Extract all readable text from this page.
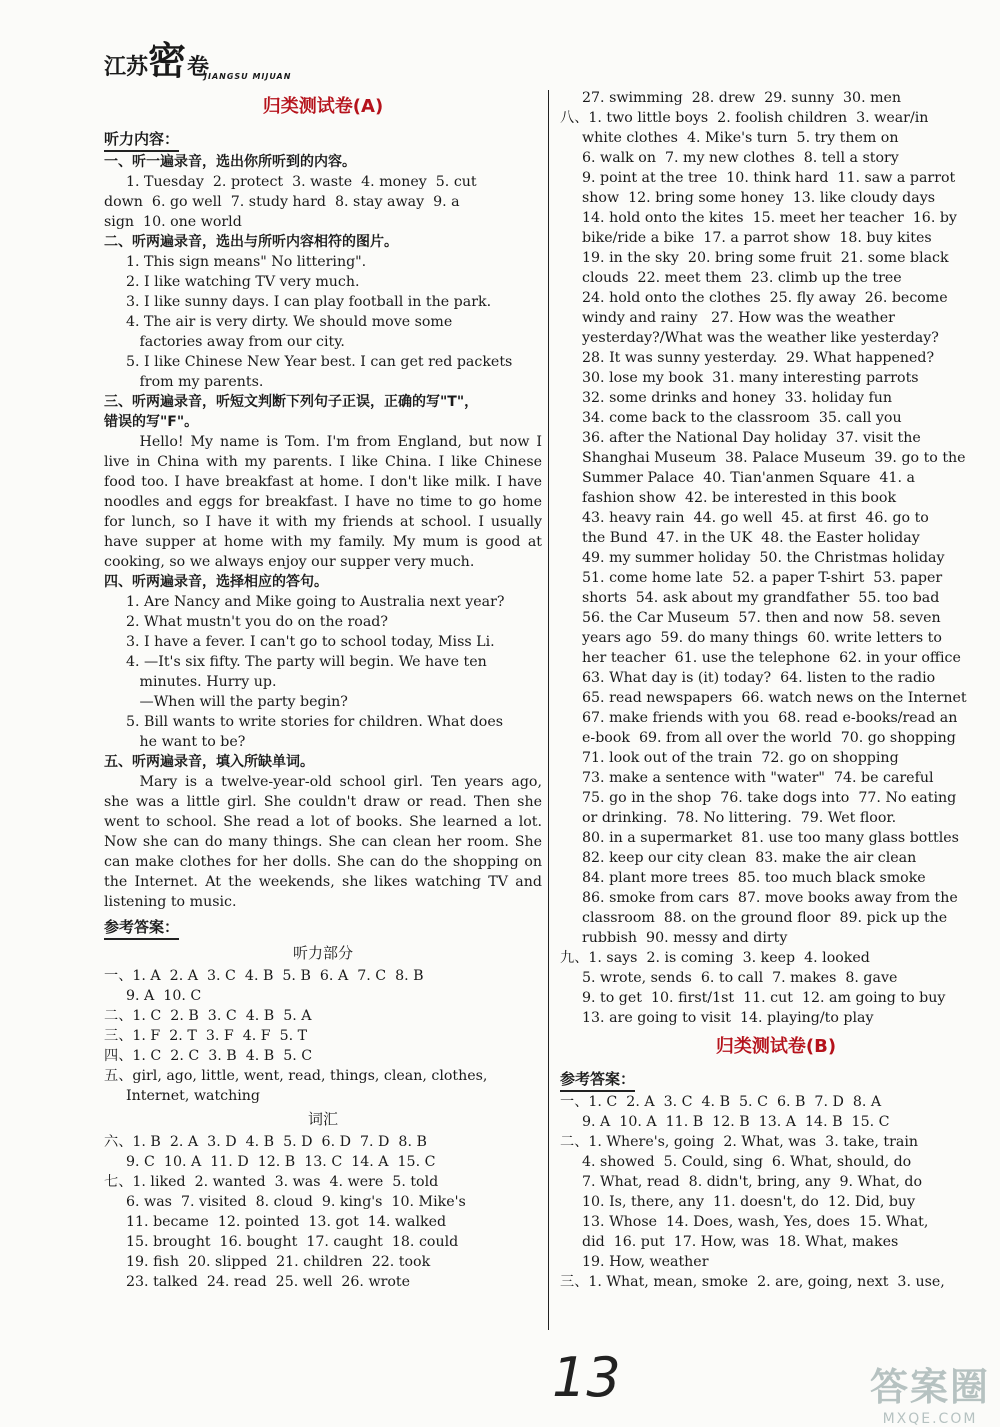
江苏密卷
JIANGSU MIJUAN
归类测试卷(A)
听力内容：
一、听一遍录音，选出你所听到的内容。
1. Tuesday  2. protect  3. waste  4. money  5. cut
down  6. go well  7. study hard  8. stay away  9. a
sign  10. one world
二、听两遍录音，选出与所听内容相符的图片。
1. This sign means" No littering".
2. I like watching TV very much.
3. I like sunny days. I can play football in the park.
4. The air is very dirty. We should move some
factories away from our city.
5. I like Chinese New Year best. I can get red packets
from my parents.
三、听两遍录音，听短文判断下列句子正误，正确的写"T"，
错误的写"F"。
Hello! My name is Tom. I'm from England, but now I live in China with my parents. I like China. I like Chinese food too. I have breakfast at home. I don't like milk. I have noodles and eggs for breakfast. I have no time to go home for lunch, so I have it with my friends at school. I usually have supper at home with my family. My mum is good at cooking, so we always enjoy our supper very much.
四、听两遍录音，选择相应的答句。
1. Are Nancy and Mike going to Australia next year?
2. What mustn't you do on the road?
3. I have a fever. I can't go to school today, Miss Li.
4. —It's six fifty. The party will begin. We have ten
minutes. Hurry up.
—When will the party begin?
5. Bill wants to write stories for children. What does
he want to be?
五、听两遍录音，填入所缺单词。
Mary is a twelve-year-old school girl. Ten years ago, she was a little girl. She couldn't draw or read. Then she went to school. She read a lot of books. She learned a lot. Now she can do many things. She can clean her room. She can make clothes for her dolls. She can do the shopping on the Internet. At the weekends, she likes watching TV and listening to music.
参考答案：
听力部分
一、1. A  2. A  3. C  4. B  5. B  6. A  7. C  8. B
9. A  10. C
二、1. C  2. B  3. C  4. B  5. A
三、1. F  2. T  3. F  4. F  5. T
四、1. C  2. C  3. B  4. B  5. C
五、girl, ago, little, went, read, things, clean, clothes,
Internet, watching
词汇
六、1. B  2. A  3. D  4. B  5. D  6. D  7. D  8. B
9. C  10. A  11. D  12. B  13. C  14. A  15. C
七、1. liked  2. wanted  3. was  4. were  5. told
6. was  7. visited  8. cloud  9. king's  10. Mike's
11. became  12. pointed  13. got  14. walked
15. brought  16. bought  17. caught  18. could
19. fish  20. slipped  21. children  22. took
23. talked  24. read  25. well  26. wrote
27. swimming  28. drew  29. sunny  30. men
八、1. two little boys  2. foolish children  3. wear/in
white clothes  4. Mike's turn  5. try them on
6. walk on  7. my new clothes  8. tell a story
9. point at the tree  10. think hard  11. saw a parrot
show  12. bring some honey  13. like cloudy days
14. hold onto the kites  15. meet her teacher  16. by
bike/ride a bike  17. a parrot show  18. buy kites
19. in the sky  20. bring some fruit  21. some black
clouds  22. meet them  23. climb up the tree
24. hold onto the clothes  25. fly away  26. become
windy and rainy   27. How was the weather
yesterday?/What was the weather like yesterday?
28. It was sunny yesterday.  29. What happened?
30. lose my book  31. many interesting parrots
32. some drinks and honey  33. holiday fun
34. come back to the classroom  35. call you
36. after the National Day holiday  37. visit the
Shanghai Museum  38. Palace Museum  39. go to the
Summer Palace  40. Tian'anmen Square  41. a
fashion show  42. be interested in this book
43. heavy rain  44. go well  45. at first  46. go to
the Bund  47. in the UK  48. the Easter holiday
49. my summer holiday  50. the Christmas holiday
51. come home late  52. a paper T-shirt  53. paper
shorts  54. ask about my grandfather  55. too bad
56. the Car Museum  57. then and now  58. seven
years ago  59. do many things  60. write letters to
her teacher  61. use the telephone  62. in your office
63. What day is (it) today?  64. listen to the radio
65. read newspapers  66. watch news on the Internet
67. make friends with you  68. read e-books/read an
e-book  69. from all over the world  70. go shopping
71. look out of the train  72. go on shopping
73. make a sentence with "water"  74. be careful
75. go in the shop  76. take dogs into  77. No eating
or drinking.  78. No littering.  79. Wet floor.
80. in a supermarket  81. use too many glass bottles
82. keep our city clean  83. make the air clean
84. plant more trees  85. too much black smoke
86. smoke from cars  87. move books away from the
classroom  88. on the ground floor  89. pick up the
rubbish  90. messy and dirty
九、1. says  2. is coming  3. keep  4. looked
5. wrote, sends  6. to call  7. makes  8. gave
9. to get  10. first/1st  11. cut  12. am going to buy
13. are going to visit  14. playing/to play
归类测试卷(B)
参考答案：
一、1. C  2. A  3. C  4. B  5. C  6. B  7. D  8. A
9. A  10. A  11. B  12. B  13. A  14. B  15. C
二、1. Where's, going  2. What, was  3. take, train
4. showed  5. Could, sing  6. What, should, do
7. What, read  8. didn't, bring, any  9. What, do
10. Is, there, any  11. doesn't, do  12. Did, buy
13. Whose  14. Does, wash, Yes, does  15. What,
did  16. put  17. How, was  18. What, makes
19. How, weather
三、1. What, mean, smoke  2. are, going, next  3. use,
13	答案圈
MXQE.COM
